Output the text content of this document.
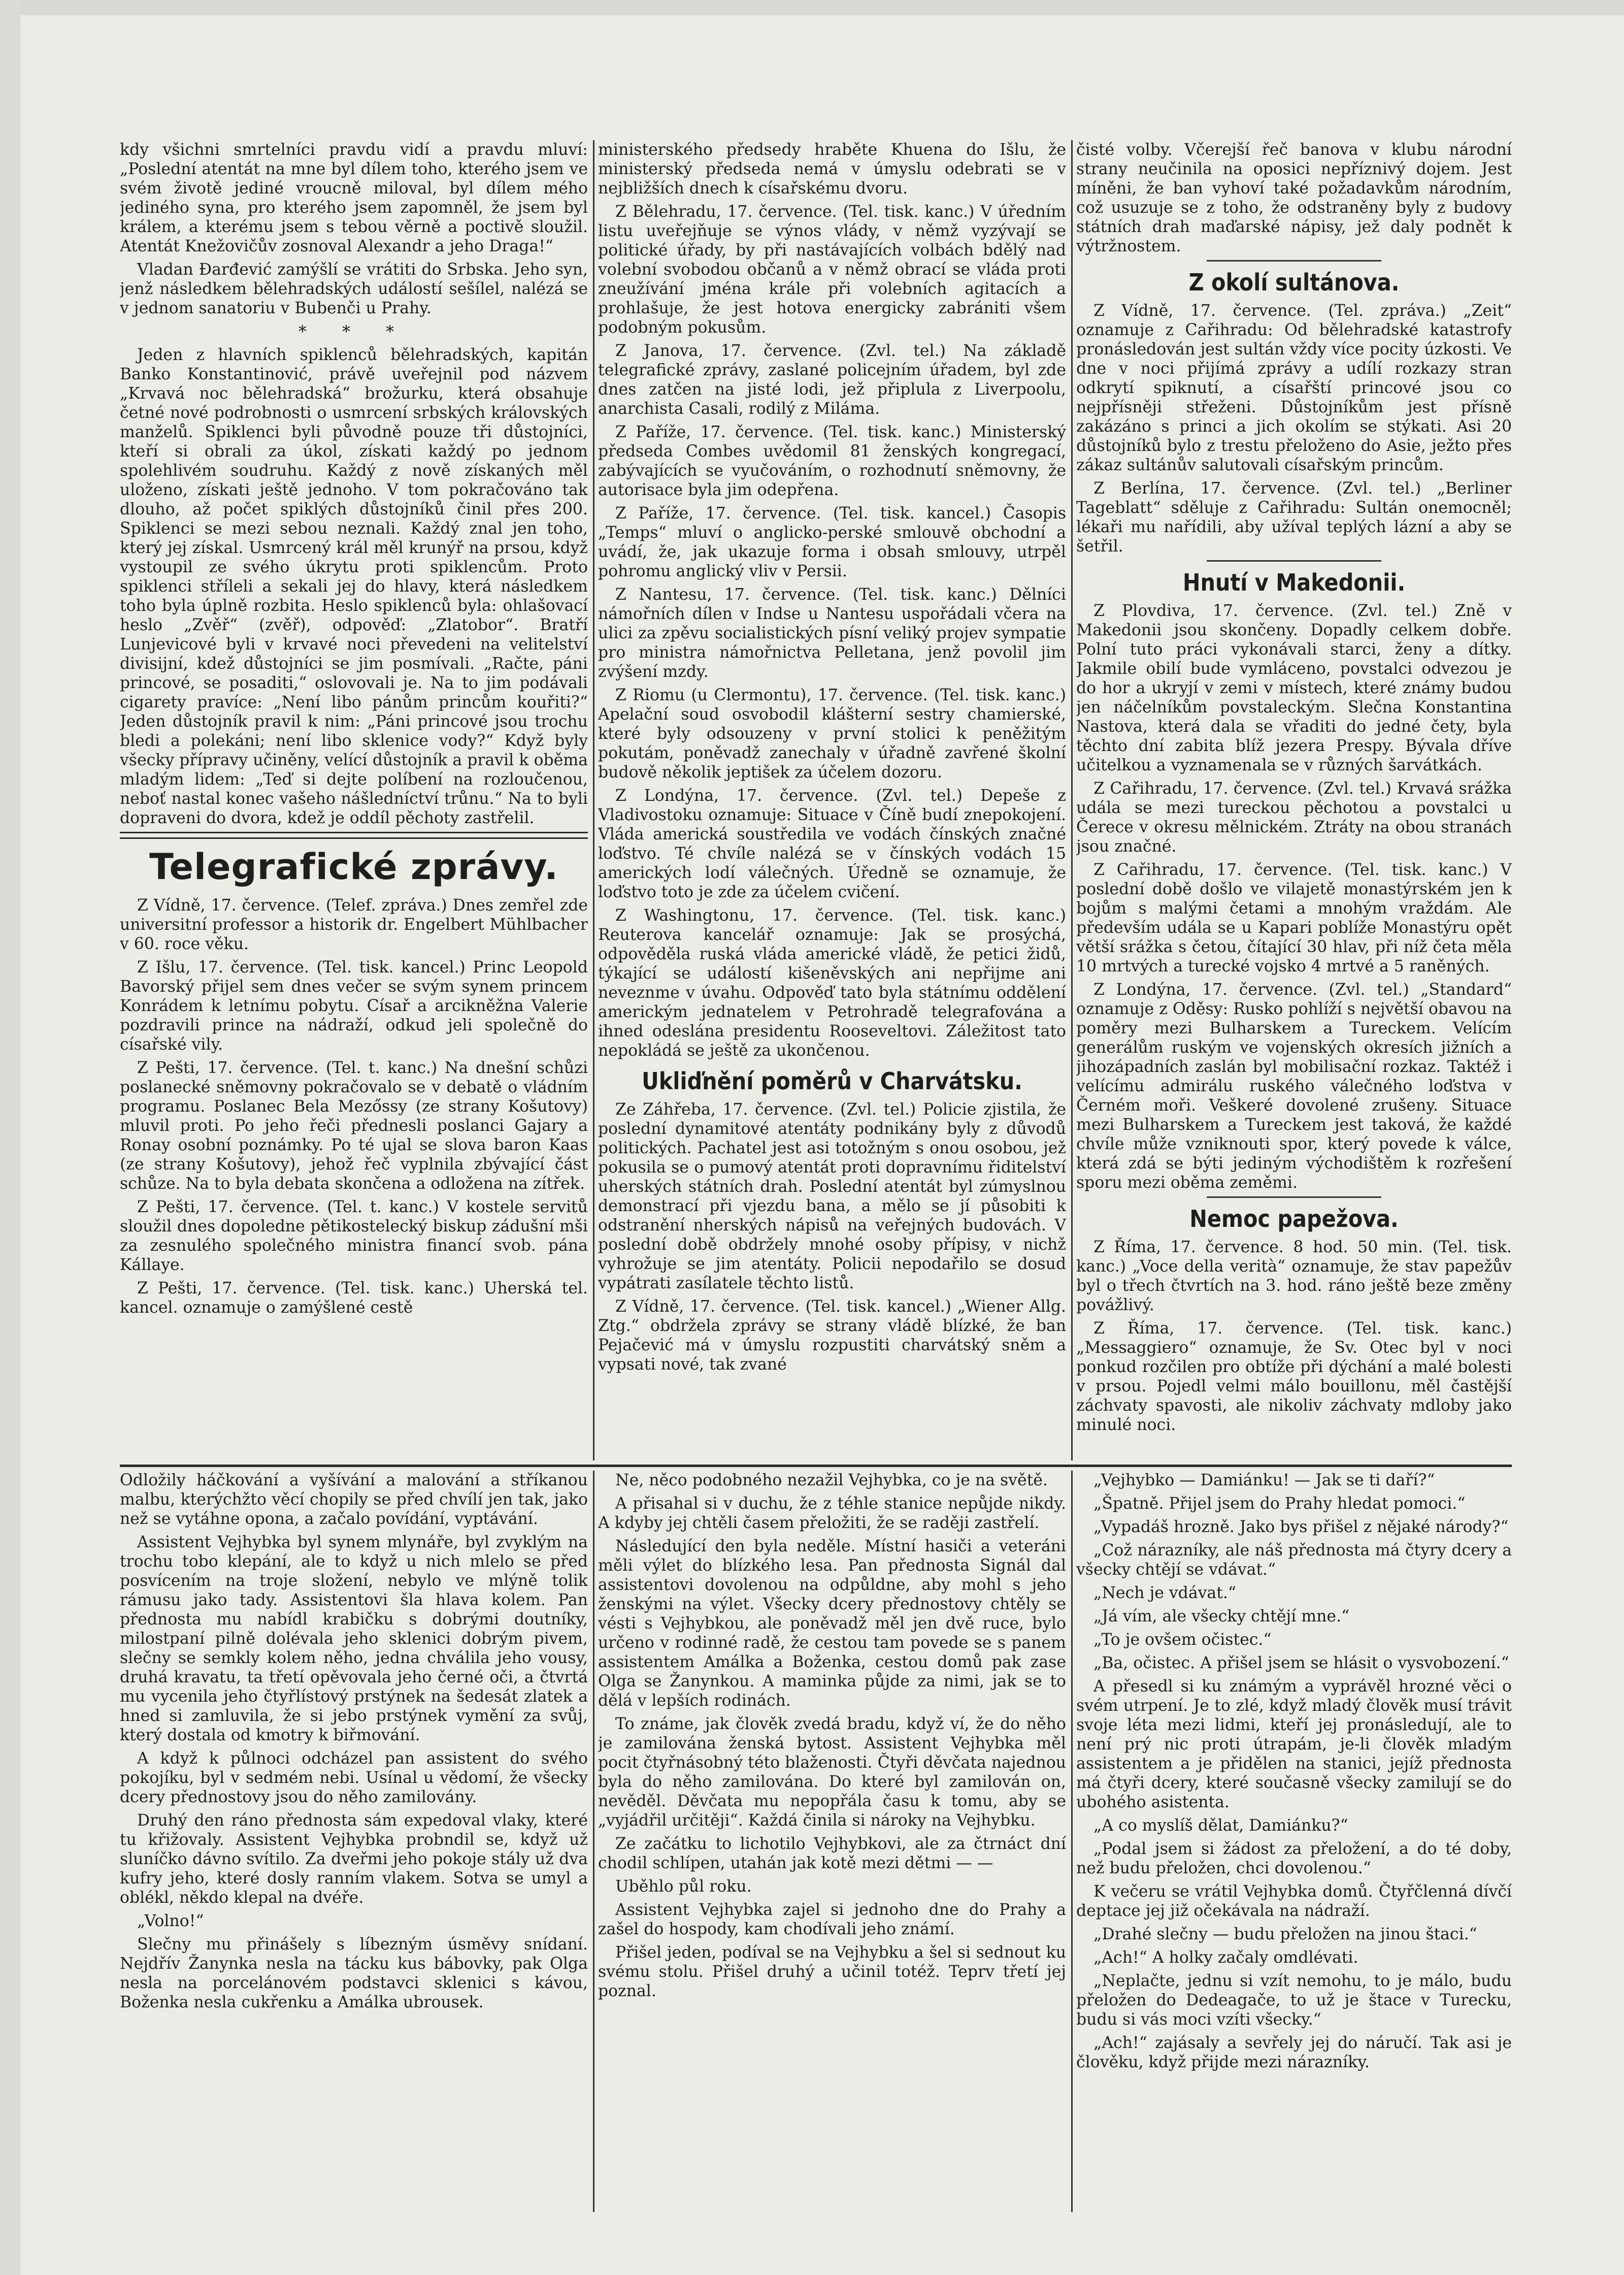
kdy všichni smrtelníci pravdu vidí a pravdu mluví: „Poslední atentát na mne byl dílem toho, kterého jsem ve svém životě jediné vroucně miloval, byl dílem mého jediného syna, pro kterého jsem zapomněl, že jsem byl králem, a kterému jsem s tebou věrně a poctivě sloužil. Atentát Knežovičův zosnoval Alexandr a jeho Draga!“

Vladan Đarđević zamýšlí se vrátiti do Srbska. Jeho syn, jenž následkem bělehradských událostí sešílel, nalézá se v jednom sanatoriu v Bubenči u Prahy.

* * *

Jeden z hlavních spiklenců bělehradských, kapitán Banko Konstantinović, právě uveřejnil pod názvem „Krvavá noc bělehradská“ brožurku, která obsahuje četné nové podrobnosti o usmrcení srbských královských manželů. Spiklenci byli původně pouze tři důstojníci, kteří si obrali za úkol, získati každý po jednom spolehlivém soudruhu. Každý z nově získaných měl uloženo, získati ještě jednoho. V tom pokračováno tak dlouho, až počet spiklých důstojníků činil přes 200. Spiklenci se mezi sebou neznali. Každý znal jen toho, který jej získal. Usmrcený král měl krunýř na prsou, když vystoupil ze svého úkrytu proti spiklencům. Proto spiklenci stříleli a sekali jej do hlavy, která následkem toho byla úplně rozbita. Heslo spiklenců byla: ohlašovací heslo „Zvěř“ (zvěř), odpověď: „Zlatobor“. Bratří Lunjevicové byli v krvavé noci převedeni na velitelství divisijní, kdež důstojníci se jim posmívali. „Račte, páni princové, se posaditi,“ oslovovali je. Na to jim podávali cigarety pravíce: „Není libo pánům princům kouřiti?“ Jeden důstojník pravil k nim: „Páni princové jsou trochu bledi a polekáni; není libo sklenice vody?“ Když byly všecky přípravy učiněny, velící důstojník a pravil k oběma mladým lidem: „Teď si dejte políbení na rozloučenou, neboť nastal konec vašeho nášledníctví trůnu.“ Na to byli dopraveni do dvora, kdež je oddíl pěchoty zastřelil.

Telegrafické zprávy.

Z Vídně, 17. července. (Telef. zpráva.) Dnes zemřel zde universitní professor a historik dr. Engelbert Mühlbacher v 60. roce věku.

Z Išlu, 17. července. (Tel. tisk. kancel.) Princ Leopold Bavorský přijel sem dnes večer se svým synem princem Konrádem k letnímu pobytu. Císař a arcikněžna Valerie pozdravili prince na nádraží, odkud jeli společně do císařské vily.

Z Pešti, 17. července. (Tel. t. kanc.) Na dnešní schůzi poslanecké sněmovny pokračovalo se v debatě o vládním programu. Poslanec Bela Mezőssy (ze strany Košutovy) mluvil proti. Po jeho řeči přednesli poslanci Gajary a Ronay osobní poznámky. Po té ujal se slova baron Kaas (ze strany Košutovy), jehož řeč vyplnila zbývající část schůze. Na to byla debata skončena a odložena na zítřek.

Z Pešti, 17. července. (Tel. t. kanc.) V kostele servitů sloužil dnes dopoledne pětikostelecký biskup zádušní mši za zesnulého společného ministra financí svob. pána Kállaye.

Z Pešti, 17. července. (Tel. tisk. kanc.) Uherská tel. kancel. oznamuje o zamýšlené cestě

ministerského předsedy hraběte Khuena do Išlu, že ministerský předseda nemá v úmyslu odebrati se v nejbližších dnech k císařskému dvoru.

Z Bělehradu, 17. července. (Tel. tisk. kanc.) V úředním listu uveřejňuje se výnos vlády, v němž vyzývají se politické úřady, by při nastávajících volbách bdělý nad volební svobodou občanů a v němž obrací se vláda proti zneužívání jména krále při volebních agitacích a prohlašuje, že jest hotova energicky zabrániti všem podobným pokusům.

Z Janova, 17. července. (Zvl. tel.) Na základě telegrafické zprávy, zaslané policejním úřadem, byl zde dnes zatčen na jisté lodi, jež připlula z Liverpoolu, anarchista Casali, rodilý z Miláma.

Z Paříže, 17. července. (Tel. tisk. kanc.) Ministerský předseda Combes uvědomil 81 ženských kongregací, zabývajících se vyučováním, o rozhodnutí sněmovny, že autorisace byla jim odepřena.

Z Paříže, 17. července. (Tel. tisk. kancel.) Časopis „Temps“ mluví o anglicko-perské smlouvě obchodní a uvádí, že, jak ukazuje forma i obsah smlouvy, utrpěl pohromu anglický vliv v Persii.

Z Nantesu, 17. července. (Tel. tisk. kanc.) Dělníci námořních dílen v Indse u Nantesu uspořádali včera na ulici za zpěvu socialistických písní veliký projev sympatie pro ministra námořnictva Pelletana, jenž povolil jim zvýšení mzdy.

Z Riomu (u Clermontu), 17. července. (Tel. tisk. kanc.) Apelační soud osvobodil klášterní sestry chamierské, které byly odsouzeny v první stolici k peněžitým pokutám, poněvadž zanechaly v úřadně zavřené školní budově několik jeptišek za účelem dozoru.

Z Londýna, 17. července. (Zvl. tel.) Depeše z Vladivostoku oznamuje: Situace v Číně budí znepokojení. Vláda americká soustředila ve vodách čínských značné loďstvo. Té chvíle nalézá se v čínských vodách 15 amerických lodí válečných. Úředně se oznamuje, že loďstvo toto je zde za účelem cvičení.

Z Washingtonu, 17. července. (Tel. tisk. kanc.) Reuterova kancelář oznamuje: Jak se prosýchá, odpověděla ruská vláda americké vládě, že petici židů, týkající se událostí kišeněvských ani nepřijme ani neveznme v úvahu. Odpověď tato byla státnímu oddělení americkým jednatelem v Petrohradě telegrafována a ihned odeslána presidentu Rooseveltovi. Záležitost tato nepokládá se ještě za ukončenou.

Ukliďnění poměrů v Charvátsku.

Ze Záhřeba, 17. července. (Zvl. tel.) Policie zjistila, že poslední dynamitové atentáty podnikány byly z důvodů politických. Pachatel jest asi totožným s onou osobou, jež pokusila se o pumový atentát proti dopravnímu řiditelství uherských státních drah. Poslední atentát byl zúmyslnou demonstrací při vjezdu bana, a mělo se jí působiti k odstranění nherských nápisů na veřejných budovách. V poslední době obdržely mnohé osoby přípisy, v nichž vyhrožuje se jim atentáty. Policii nepodařilo se dosud vypátrati zasílatele těchto listů.

Z Vídně, 17. července. (Tel. tisk. kancel.) „Wiener Allg. Ztg.“ obdržela zprávy se strany vládě blízké, že ban Pejačević má v úmyslu rozpustiti charvátský sněm a vypsati nové, tak zvané

čisté volby. Včerejší řeč banova v klubu národní strany neučinila na oposici nepříznivý dojem. Jest míněni, že ban vyhoví také požadavkům národním, což usuzuje se z toho, že odstraněny byly z budovy státních drah maďarské nápisy, jež daly podnět k výtržnostem.

Z okolí sultánova.

Z Vídně, 17. července. (Tel. zpráva.) „Zeit“ oznamuje z Cařihradu: Od bělehradské katastrofy pronásledován jest sultán vždy více pocity úzkosti. Ve dne v noci přijímá zprávy a udílí rozkazy stran odkrytí spiknutí, a císařští princové jsou co nejpřísněji střeženi. Důstojníkům jest přísně zakázáno s princi a jich okolím se stýkati. Asi 20 důstojníků bylo z trestu přeloženo do Asie, ježto přes zákaz sultánův salutovali císařským princům.

Z Berlína, 17. července. (Zvl. tel.) „Berliner Tageblatt“ sděluje z Cařihradu: Sultán onemocněl; lékaři mu nařídili, aby užíval teplých lázní a aby se šetřil.

Hnutí v Makedonii.

Z Plovdiva, 17. července. (Zvl. tel.) Zně v Makedonii jsou skončeny. Dopadly celkem dobře. Polní tuto práci vykonávali starci, ženy a dítky. Jakmile obilí bude vymláceno, povstalci odvezou je do hor a ukryjí v zemi v místech, které známy budou jen náčelníkům povstaleckým. Slečna Konstantina Nastova, která dala se vřaditi do jedné čety, byla těchto dní zabita blíž jezera Prespy. Bývala dříve učitelkou a vyznamenala se v různých šarvátkách.

Z Cařihradu, 17. července. (Zvl. tel.) Krvavá srážka udála se mezi tureckou pěchotou a povstalci u Čerece v okresu mělnickém. Ztráty na obou stranách jsou značné.

Z Cařihradu, 17. července. (Tel. tisk. kanc.) V poslední době došlo ve vilajetě monastýrském jen k bojům s malými četami a mnohým vraždám. Ale především udála se u Kapari poblíže Monastýru opět větší srážka s četou, čítající 30 hlav, při níž četa měla 10 mrtvých a turecké vojsko 4 mrtvé a 5 raněných.

Z Londýna, 17. července. (Zvl. tel.) „Standard“ oznamuje z Oděsy: Rusko pohlíží s největší obavou na poměry mezi Bulharskem a Tureckem. Velícím generálům ruským ve vojenských okresích jižních a jihozápadních zaslán byl mobilisační rozkaz. Taktéž i velícímu admirálu ruského válečného loďstva v Černém moři. Veškeré dovolené zrušeny. Situace mezi Bulharskem a Tureckem jest taková, že každé chvíle může vzniknouti spor, který povede k válce, která zdá se býti jediným východištěm k rozřešení sporu mezi oběma zeměmi.

Nemoc papežova.

Z Říma, 17. července. 8 hod. 50 min. (Tel. tisk. kanc.) „Voce della verità“ oznamuje, že stav papežův byl o třech čtvrtích na 3. hod. ráno ještě beze změny povážlivý.

Z Říma, 17. července. (Tel. tisk. kanc.) „Messaggiero“ oznamuje, že Sv. Otec byl v noci ponkud rozčilen pro obtíže při dýchání a malé bolesti v prsou. Pojedl velmi málo bouillonu, měl častější záchvaty spavosti, ale nikoliv záchvaty mdloby jako minulé noci.

Odložily háčkování a vyšívání a malování a stříkanou malbu, kterýchžto věcí chopily se před chvílí jen tak, jako než se vytáhne opona, a začalo povídání, vyptávání.

Assistent Vejhybka byl synem mlynáře, byl zvyklým na trochu tobo klepání, ale to když u nich mlelo se před posvícením na troje složení, nebylo ve mlýně tolik rámusu jako tady. Assistentovi šla hlava kolem. Pan přednosta mu nabídl krabičku s dobrými doutníky, milostpaní pilně dolévala jeho sklenici dobrým pivem, slečny se semkly kolem něho, jedna chválila jeho vousy, druhá kravatu, ta třetí opěvovala jeho černé oči, a čtvrtá mu vycenila jeho čtyřlístový prstýnek na šedesát zlatek a hned si zamluvila, že si jebo prstýnek vymění za svůj, který dostala od kmotry k biřmování.

A když k půlnoci odcházel pan assistent do svého pokojíku, byl v sedmém nebi. Usínal u vědomí, že všecky dcery přednostovy jsou do něho zamilovány.

Druhý den ráno přednosta sám expedoval vlaky, které tu křižovaly. Assistent Vejhybka probndil se, když už sluníčko dávno svítilo. Za dveřmi jeho pokoje stály už dva kufry jeho, které dosly ranním vlakem. Sotva se umyl a oblékl, někdo klepal na dvéře.

„Volno!“

Slečny mu přinášely s líbezným úsměvy snídaní. Nejdřív Žanynka nesla na tácku kus bábovky, pak Olga nesla na porcelánovém podstavci sklenici s kávou, Boženka nesla cukřenku a Amálka ubrousek.

Ne, něco podobného nezažil Vejhybka, co je na světě.

A přisahal si v duchu, že z téhle stanice nepůjde nikdy. A kdyby jej chtěli časem přeložiti, že se raději zastřelí.

Následující den byla neděle. Místní hasiči a veteráni měli výlet do blízkého lesa. Pan přednosta Signál dal assistentovi dovolenou na odpůldne, aby mohl s jeho ženskými na výlet. Všecky dcery přednostovy chtěly se vésti s Vejhybkou, ale poněvadž měl jen dvě ruce, bylo určeno v rodinné radě, že cestou tam povede se s panem assistentem Amálka a Boženka, cestou domů pak zase Olga se Žanynkou. A maminka půjde za nimi, jak se to dělá v lepších rodinách.

To známe, jak člověk zvedá bradu, když ví, že do něho je zamilována ženská bytost. Assistent Vejhybka měl pocit čtyřnásobný této blaženosti. Čtyři děvčata najednou byla do něho zamilována. Do které byl zamilován on, nevěděl. Děvčata mu nepopřála času k tomu, aby se „vyjádřil určitěji“. Každá činila si nároky na Vejhybku.

Ze začátku to lichotilo Vejhybkovi, ale za čtrnáct dní chodil schlípen, utahán jak kotě mezi dětmi — —

Uběhlo půl roku.

Assistent Vejhybka zajel si jednoho dne do Prahy a zašel do hospody, kam chodívali jeho známí.

Přišel jeden, podíval se na Vejhybku a šel si sednout ku svému stolu. Přišel druhý a učinil totéž. Teprv třetí jej poznal.

„Vejhybko — Damiánku! — Jak se ti daří?“

„Špatně. Přijel jsem do Prahy hledat pomoci.“

„Vypadáš hrozně. Jako bys přišel z nějaké národy?“

„Což nárazníky, ale náš přednosta má čtyry dcery a všecky chtějí se vdávat.“

„Nech je vdávat.“

„Já vím, ale všecky chtějí mne.“

„To je ovšem očistec.“

„Ba, očistec. A přišel jsem se hlásit o vysvobození.“

A přesedl si ku známým a vyprávěl hrozné věci o svém utrpení. Je to zlé, když mladý člověk musí trávit svoje léta mezi lidmi, kteří jej pronásledují, ale to není prý nic proti útrapám, je-li člověk mladým assistentem a je přidělen na stanici, jejíž přednosta má čtyři dcery, které současně všecky zamilují se do ubohého asistenta.

„A co myslíš dělat, Damiánku?“

„Podal jsem si žádost za přeložení, a do té doby, než budu přeložen, chci dovolenou.“

K večeru se vrátil Vejhybka domů. Čtyřčlenná dívčí deptace jej již očekávala na nádraží.

„Drahé slečny — budu přeložen na jinou štaci.“

„Ach!“ A holky začaly omdlévati.

„Neplačte, jednu si vzít nemohu, to je málo, budu přeložen do Dedeagače, to už je štace v Turecku, budu si vás moci vzíti všecky.“

„Ach!“ zajásaly a sevřely jej do náručí. Tak asi je člověku, když přijde mezi nárazníky.
